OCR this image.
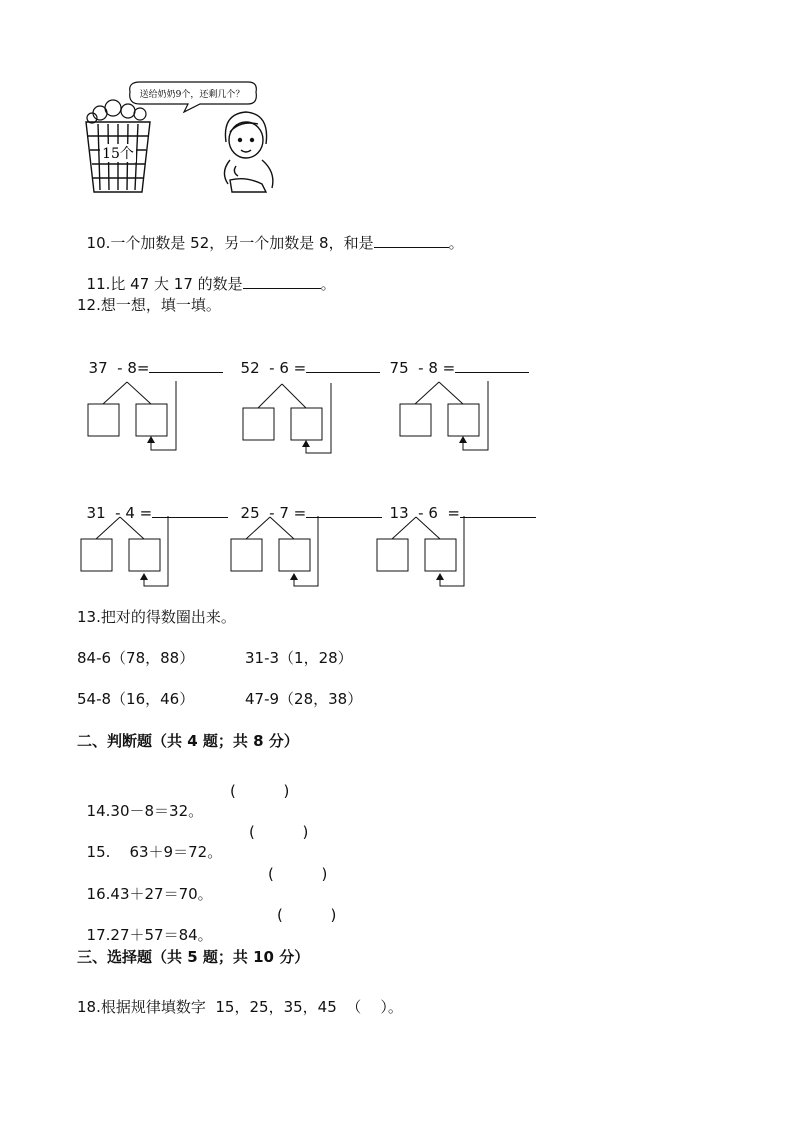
15个
送给奶奶9个，还剩几个？

10.一个加数是 52，另一个加数是 8，和是	。

11.比 47 大 17 的数是	。

12.想一想，填一填。

37  - 8=	52  - 6 =	75  - 8 =

31  - 4 =	25  - 7 =	13  - 6  =

13.把对的得数圈出来。
84-6（78，88）	31-3（1，28）
54-8（16，46）	47-9（28，38）
二、判断题（共 4 题；共 8 分）

14.30－8＝32。

(          )

15.    63＋9＝72。

(          )

16.43＋27＝70。

(          )

17.27＋57＝84。

(          )
三、选择题（共 5 题；共 10 分）
18.根据规律填数字  15，25，35，45  （    ）。
